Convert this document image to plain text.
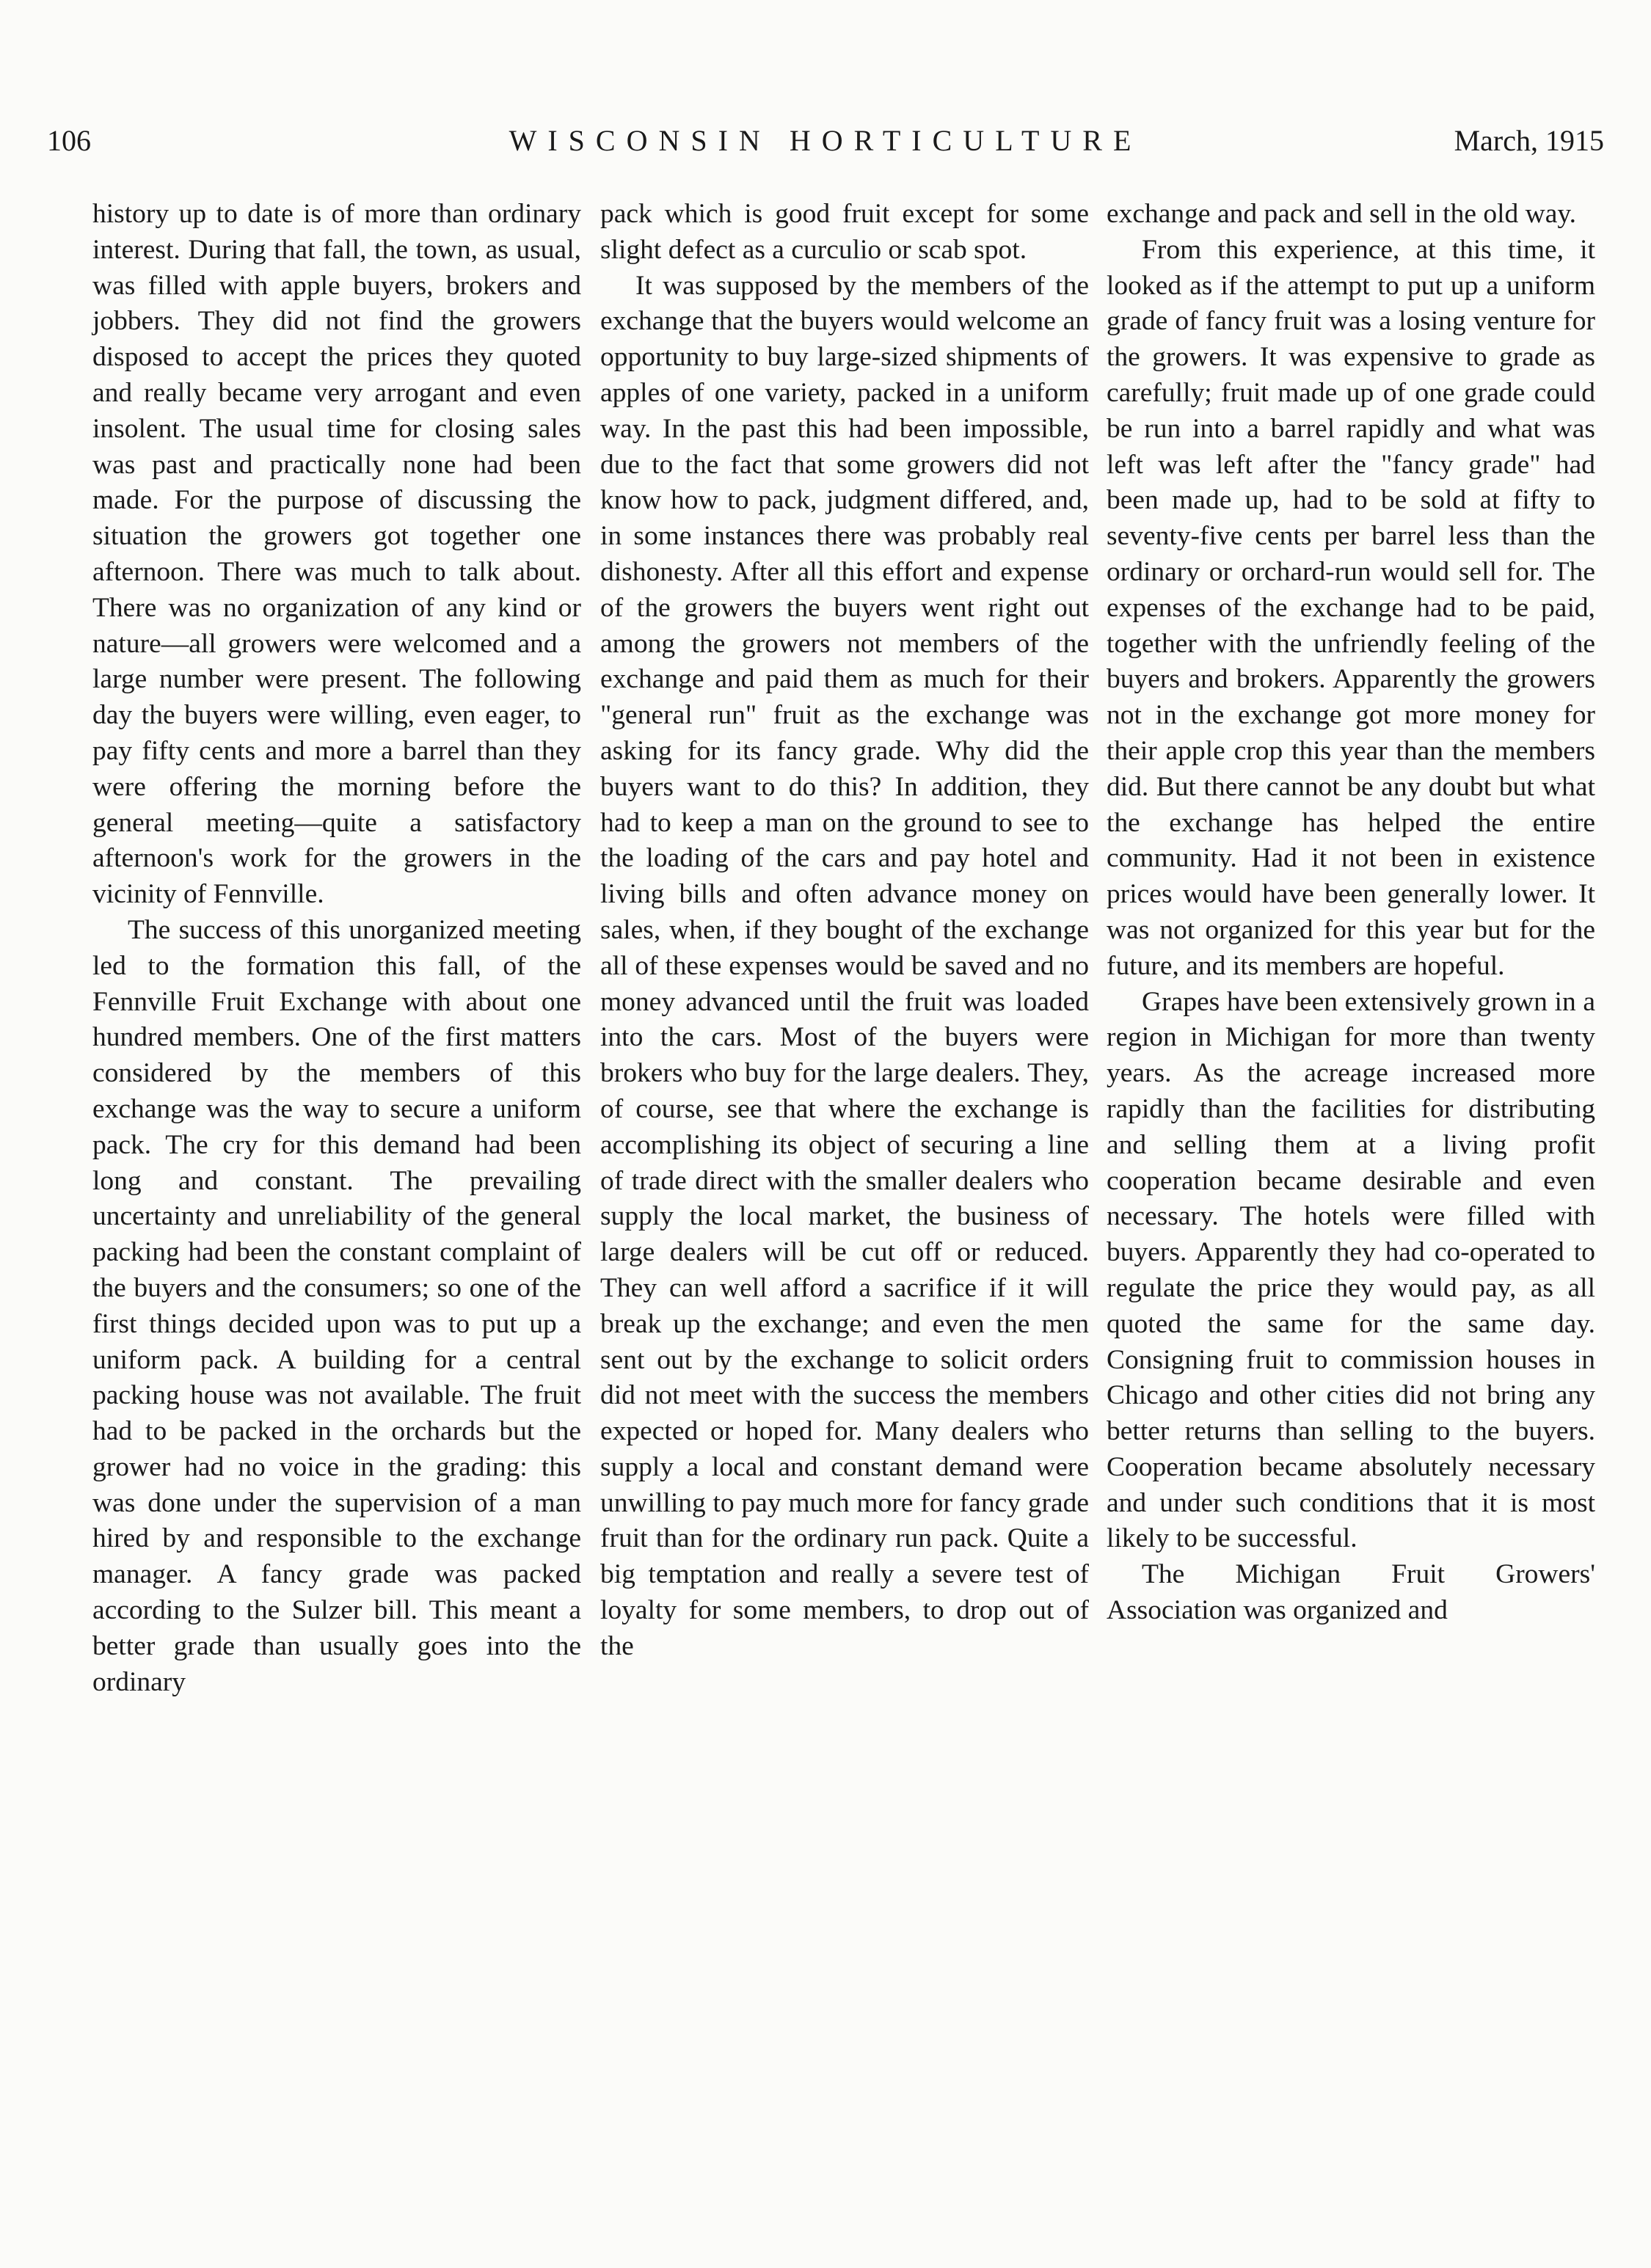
106	WISCONSIN HORTICULTURE	March, 1915

history up to date is of more than ordinary interest. During that fall, the town, as usual, was filled with apple buyers, brokers and jobbers. They did not find the growers disposed to accept the prices they quoted and really became very arrogant and even insolent. The usual time for closing sales was past and practically none had been made. For the purpose of discussing the situation the growers got together one afternoon. There was much to talk about. There was no organization of any kind or nature—all growers were welcomed and a large number were present. The following day the buyers were willing, even eager, to pay fifty cents and more a barrel than they were offering the morning before the general meeting—quite a satisfactory afternoon's work for the growers in the vicinity of Fennville.

The success of this unorganized meeting led to the formation this fall, of the Fennville Fruit Exchange with about one hundred members. One of the first matters considered by the members of this exchange was the way to secure a uniform pack. The cry for this demand had been long and constant. The prevailing uncertainty and unreliability of the general packing had been the constant complaint of the buyers and the consumers; so one of the first things decided upon was to put up a uniform pack. A building for a central packing house was not available. The fruit had to be packed in the orchards but the grower had no voice in the grading: this was done under the supervision of a man hired by and responsible to the exchange manager. A fancy grade was packed according to the Sulzer bill. This meant a better grade than usually goes into the ordinary

pack which is good fruit except for some slight defect as a curculio or scab spot.

It was supposed by the members of the exchange that the buyers would welcome an opportunity to buy large-sized shipments of apples of one variety, packed in a uniform way. In the past this had been impossible, due to the fact that some growers did not know how to pack, judgment differed, and, in some instances there was probably real dishonesty. After all this effort and expense of the growers the buyers went right out among the growers not members of the exchange and paid them as much for their "general run" fruit as the exchange was asking for its fancy grade. Why did the buyers want to do this? In addition, they had to keep a man on the ground to see to the loading of the cars and pay hotel and living bills and often advance money on sales, when, if they bought of the exchange all of these expenses would be saved and no money advanced until the fruit was loaded into the cars. Most of the buyers were brokers who buy for the large dealers. They, of course, see that where the exchange is accomplishing its object of securing a line of trade direct with the smaller dealers who supply the local market, the business of large dealers will be cut off or reduced. They can well afford a sacrifice if it will break up the exchange; and even the men sent out by the exchange to solicit orders did not meet with the success the members expected or hoped for. Many dealers who supply a local and constant demand were unwilling to pay much more for fancy grade fruit than for the ordinary run pack. Quite a big temptation and really a severe test of loyalty for some members, to drop out of the

exchange and pack and sell in the old way.

From this experience, at this time, it looked as if the attempt to put up a uniform grade of fancy fruit was a losing venture for the growers. It was expensive to grade as carefully; fruit made up of one grade could be run into a barrel rapidly and what was left was left after the "fancy grade" had been made up, had to be sold at fifty to seventy-five cents per barrel less than the ordinary or orchard-run would sell for. The expenses of the exchange had to be paid, together with the unfriendly feeling of the buyers and brokers. Apparently the growers not in the exchange got more money for their apple crop this year than the members did. But there cannot be any doubt but what the exchange has helped the entire community. Had it not been in existence prices would have been generally lower. It was not organized for this year but for the future, and its members are hopeful.

Grapes have been extensively grown in a region in Michigan for more than twenty years. As the acreage increased more rapidly than the facilities for distributing and selling them at a living profit cooperation became desirable and even necessary. The hotels were filled with buyers. Apparently they had co-operated to regulate the price they would pay, as all quoted the same for the same day. Consigning fruit to commission houses in Chicago and other cities did not bring any better returns than selling to the buyers. Cooperation became absolutely necessary and under such conditions that it is most likely to be successful.

The Michigan Fruit Growers' Association was organized and
